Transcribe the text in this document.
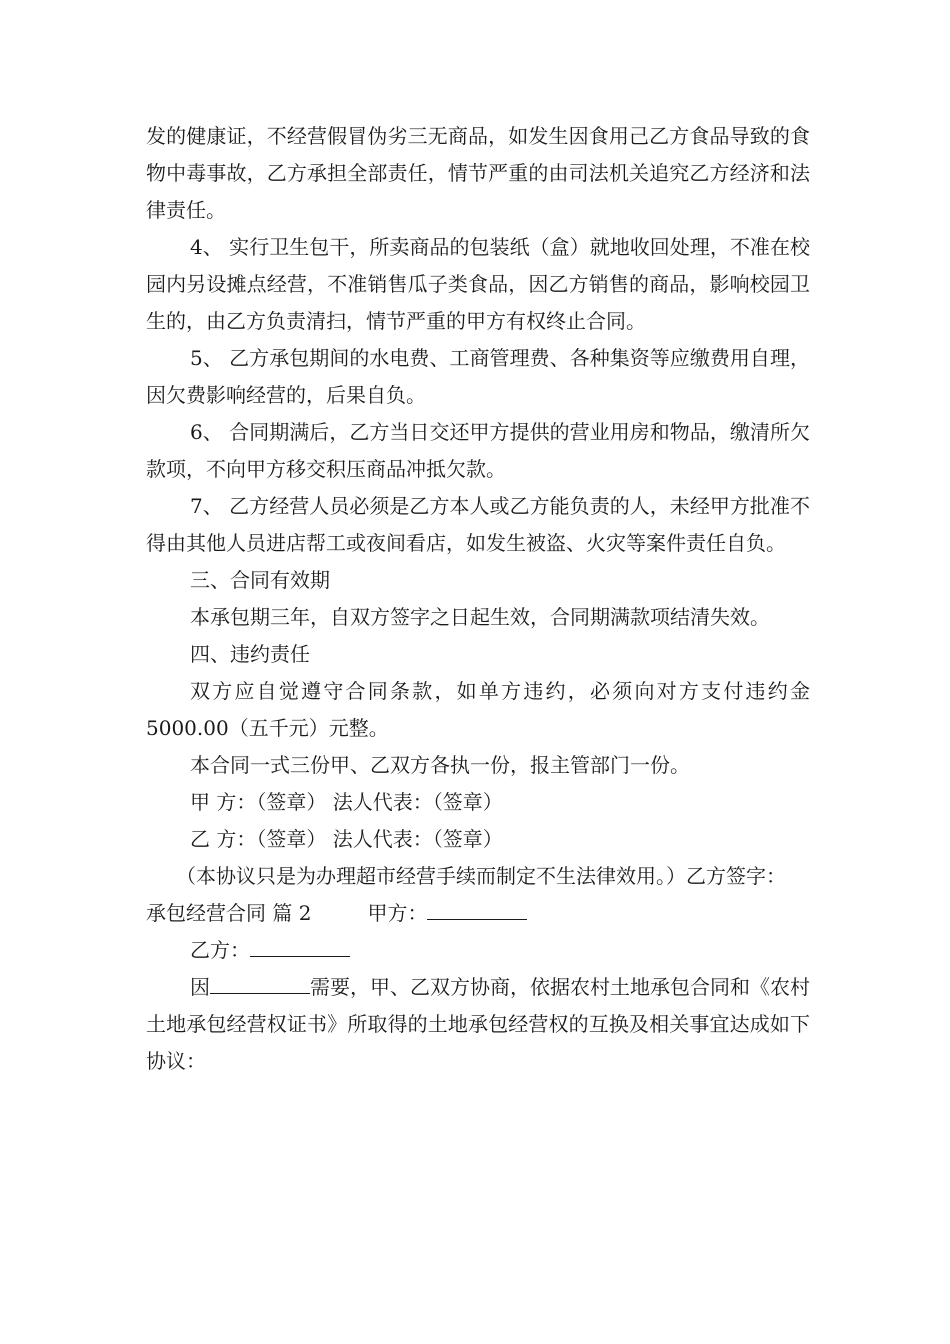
发的健康证，不经营假冒伪劣三无商品，如发生因食用己乙方食品导致的食物中毒事故，乙方承担全部责任，情节严重的由司法机关追究乙方经济和法律责任。

4、 实行卫生包干，所卖商品的包装纸（盒）就地收回处理，不准在校园内另设摊点经营，不准销售瓜子类食品，因乙方销售的商品，影响校园卫生的，由乙方负责清扫，情节严重的甲方有权终止合同。

5、 乙方承包期间的水电费、工商管理费、各种集资等应缴费用自理，因欠费影响经营的，后果自负。

6、 合同期满后，乙方当日交还甲方提供的营业用房和物品，缴清所欠款项，不向甲方移交积压商品冲抵欠款。

7、 乙方经营人员必须是乙方本人或乙方能负责的人，未经甲方批准不得由其他人员进店帮工或夜间看店，如发生被盗、火灾等案件责任自负。

三、合同有效期

本承包期三年，自双方签字之日起生效，合同期满款项结清失效。

四、违约责任

双方应自觉遵守合同条款，如单方违约，必须向对方支付违约金 5000.00（五千元）元整。

本合同一式三份甲、乙双方各执一份，报主管部门一份。

甲 方：（签章） 法人代表：（签章）

乙 方：（签章） 法人代表：（签章）

（本协议只是为办理超市经营手续而制定不生法律效用。）乙方签字：

承包经营合同 篇 2	甲方：

乙方：

因	需要，甲、乙双方协商，依据农村土地承包合同和《农村土地承包经营权证书》所取得的土地承包经营权的互换及相关事宜达成如下协议：
